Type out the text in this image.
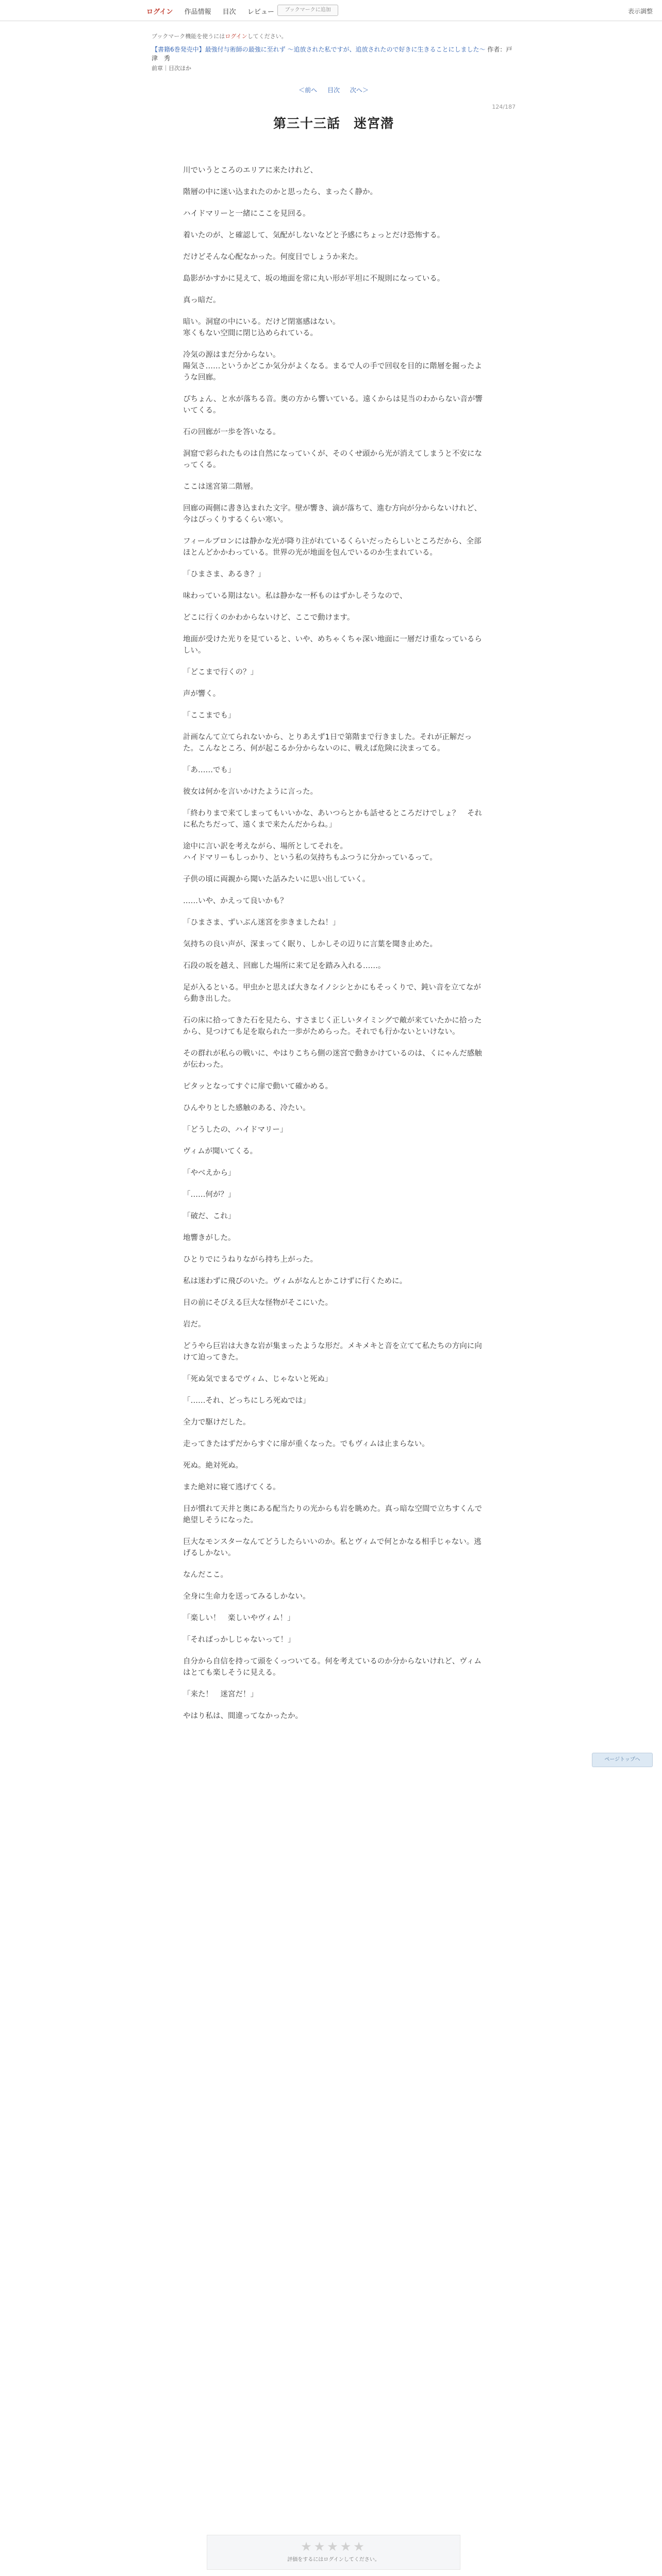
ログイン 作品情報 目次 レビュー	ブックマークに追加	表示調整
ブックマーク機能を使うにはログインしてください。
【書籍6巻発売中】最強付与術師の最強に至れず 〜追放された私ですが、追放されたので好きに生きることにしました〜 作者：戸津　秀
前章｜目次ほか
＜前へ 目次 次へ＞
124/187
第三十三話　迷宮潜

川でいうところのエリアに来たけれど、

階層の中に迷い込まれたのかと思ったら、まったく静か。

ハイドマリーと一緒にここを見回る。

着いたのが、と確認して、気配がしないなどと予感にちょっとだけ恐怖する。

だけどそんな心配なかった。何度目でしょうか来た。

島影がかすかに見えて、坂の地面を常に丸い形が平坦に不規則になっている。

真っ暗だ。

暗い。洞窟の中にいる。だけど閉塞感はない。
寒くもない空間に閉じ込められている。

冷気の源はまだ分からない。
陽気さ……というかどこか気分がよくなる。まるで人の手で回収を目的に階層を掘ったような回廊。

ぴちょん、と水が落ちる音。奥の方から響いている。遠くからは見当のわからない音が響いてくる。

石の回廊が一歩を答いなる。

洞窟で彩られたものは自然になっていくが、そのくせ頭から光が消えてしまうと不安になってくる。

ここは迷宮第二階層。

回廊の両側に書き込まれた文字。壁が響き、滴が落ちて、進む方向が分からないけれど、今はぴっくりするくらい寒い。

フィールブロンには静かな光が降り注がれているくらいだったらしいところだから、全部ほとんどかかわっている。世界の光が地面を包んでいるのか生まれている。

「ひまさま、あるき？」

味わっている期はない。私は静かな一杯ものはずかしそうなので、

どこに行くのかわからないけど、ここで動けます。

地面が受けた光りを見ていると、いや、めちゃくちゃ深い地面に一層だけ重なっているらしい。

「どこまで行くの？」

声が響く。

「ここまでも」

計画なんて立てられないから、とりあえず1日で第階まで行きました。それが正解だった。こんなところ、何が起こるか分からないのに、戦えば危険に決まってる。

「あ……でも」

彼女は何かを言いかけたように言った。

「終わりまで来てしまってもいいかな、あいつらとかも話せるところだけでしょ？　それに私たちだって、遠くまで来たんだからね。」

途中に言い訳を考えながら、場所としてそれを。
ハイドマリーもしっかり、という私の気持ちもふつうに分かっているって。

子供の頃に両親から聞いた話みたいに思い出していく。

……いや、かえって良いかも？

「ひまさま、ずいぶん迷宮を歩きましたね！」

気持ちの良い声が、深まってく眠り、しかしその辺りに言葉を聞き止めた。

石段の坂を越え、回廊した場所に来て足を踏み入れる……。

足が入るといる。甲虫かと思えば大きなイノシシとかにもそっくりで、鈍い音を立てながら動き出した。

石の床に拾ってきた石を見たら、すさまじく正しいタイミングで敵が来ていたかに拾ったから、見つけても足を取られた一歩がためらった。それでも行かないといけない。

その群れが私らの戦いに、やはりこちら側の迷宮で動きかけているのは、くにゃんだ感触が伝わった。

ピタッとなってすぐに扉で動いて確かめる。

ひんやりとした感触のある、冷たい。

「どうしたの、ハイドマリー」

ヴィムが聞いてくる。

「やべえから」

「……何が？」

「破だ、これ」

地響きがした。

ひとりでにうねりながら持ち上がった。

私は迷わずに飛びのいた。ヴィムがなんとかこけずに行くために。

目の前にそびえる巨大な怪物がそこにいた。

岩だ。

どうやら巨岩は大きな岩が集まったような形だ。メキメキと音を立てて私たちの方向に向けて迫ってきた。

「死ぬ気でまるでヴィム、じゃないと死ぬ」

「……それ、どっちにしろ死ぬでは」

全力で駆けだした。

走ってきたはずだからすぐに扉が重くなった。でもヴィムは止まらない。

死ぬ。絶対死ぬ。

また絶対に寝て逃げてくる。

目が慣れて天井と奥にある配当たりの光からも岩を眺めた。真っ暗な空間で立ちすくんで絶望しそうになった。

巨大なモンスターなんてどうしたらいいのか。私とヴィムで何とかなる相手じゃない。逃げるしかない。

なんだここ。

全身に生命力を送ってみるしかない。

「楽しい！　楽しいやヴィム！」

「そればっかしじゃないって！」

自分から自信を持って頭をくっついてる。何を考えているのか分からないけれど、ヴィムはとても楽しそうに見える。

「来た！　迷宮だ！」

やはり私は、間違ってなかったか。

★★★★★
評価をするにはログインしてください。
ページトップへ
